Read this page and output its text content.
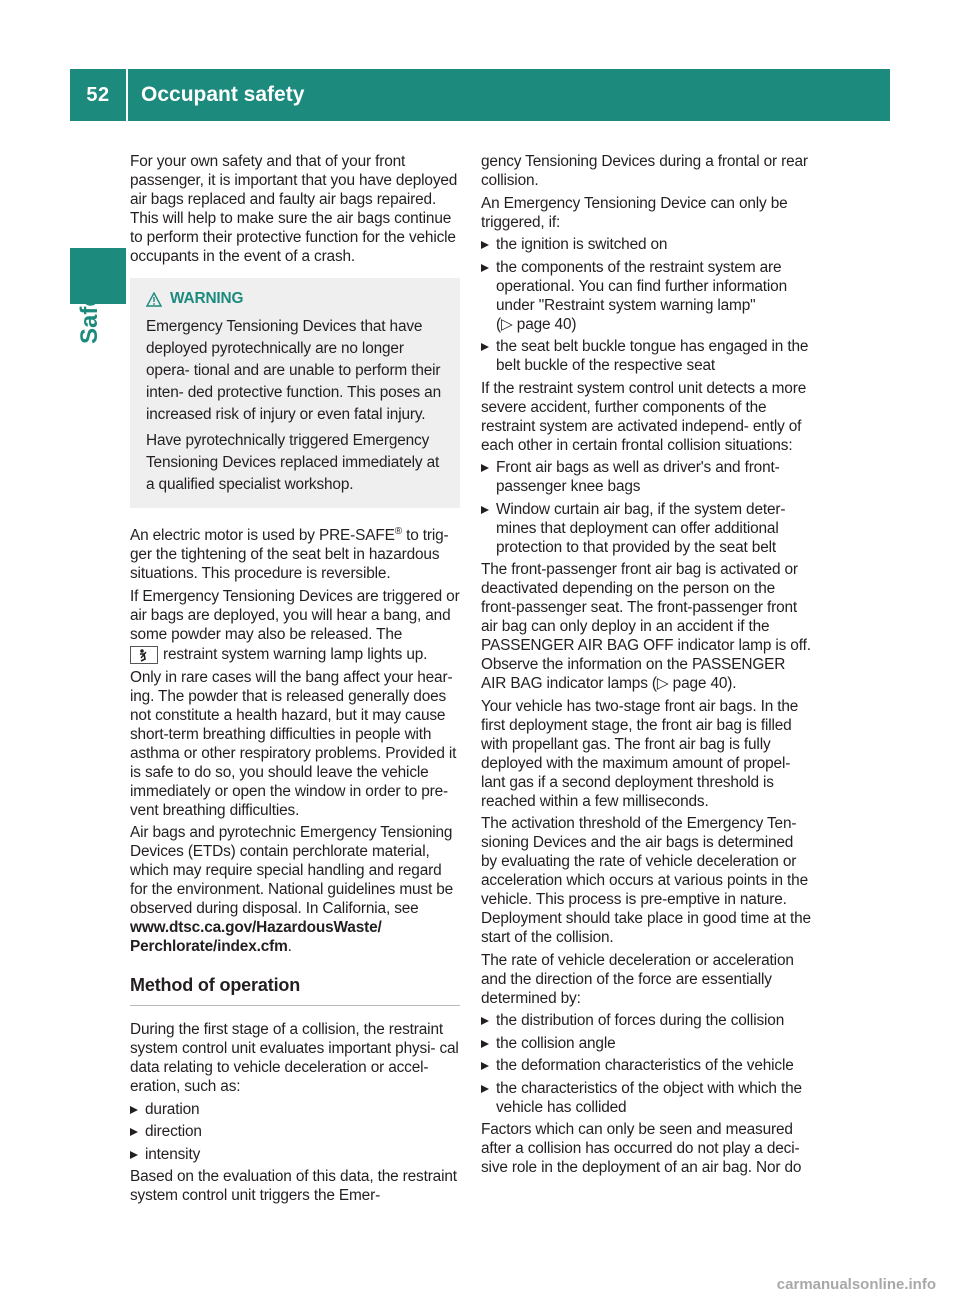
52	Occupant safety
Safety

For your own safety and that of your front passenger, it is important that you have deployed air bags replaced and faulty air bags repaired. This will help to make sure the air bags continue to perform their protective function for the vehicle occupants in the event of a crash.

WARNING

Emergency Tensioning Devices that have deployed pyrotechnically are no longer opera- tional and are unable to perform their inten- ded protective function. This poses an increased risk of injury or even fatal injury.

Have pyrotechnically triggered Emergency Tensioning Devices replaced immediately at a qualified specialist workshop.

An electric motor is used by PRE-SAFE® to trig- ger the tightening of the seat belt in hazardous situations. This procedure is reversible.

If Emergency Tensioning Devices are triggered or air bags are deployed, you will hear a bang, and some powder may also be released. The

restraint system warning lamp lights up.

Only in rare cases will the bang affect your hear- ing. The powder that is released generally does not constitute a health hazard, but it may cause short-term breathing difficulties in people with asthma or other respiratory problems. Provided it is safe to do so, you should leave the vehicle immediately or open the window in order to pre- vent breathing difficulties.

Air bags and pyrotechnic Emergency Tensioning Devices (ETDs) contain perchlorate material, which may require special handling and regard for the environment. National guidelines must be observed during disposal. In California, see www.dtsc.ca.gov/HazardousWaste/ Perchlorate/index.cfm.

Method of operation

During the first stage of a collision, the restraint system control unit evaluates important physi- cal data relating to vehicle deceleration or accel- eration, such as:

duration
direction
intensity

Based on the evaluation of this data, the restraint system control unit triggers the Emer-

gency Tensioning Devices during a frontal or rear collision.

An Emergency Tensioning Device can only be triggered, if:

the ignition is switched on
the components of the restraint system are operational. You can find further information under "Restraint system warning lamp"
(▷ page 40)
the seat belt buckle tongue has engaged in the belt buckle of the respective seat

If the restraint system control unit detects a more severe accident, further components of the restraint system are activated independ- ently of each other in certain frontal collision situations:

Front air bags as well as driver's and front- passenger knee bags
Window curtain air bag, if the system deter- mines that deployment can offer additional protection to that provided by the seat belt

The front-passenger front air bag is activated or deactivated depending on the person on the front-passenger seat. The front-passenger front air bag can only deploy in an accident if the PASSENGER AIR BAG OFF indicator lamp is off. Observe the information on the PASSENGER AIR BAG indicator lamps (▷ page 40).

Your vehicle has two-stage front air bags. In the first deployment stage, the front air bag is filled with propellant gas. The front air bag is fully deployed with the maximum amount of propel- lant gas if a second deployment threshold is reached within a few milliseconds.

The activation threshold of the Emergency Ten- sioning Devices and the air bags is determined by evaluating the rate of vehicle deceleration or acceleration which occurs at various points in the vehicle. This process is pre-emptive in nature. Deployment should take place in good time at the start of the collision.

The rate of vehicle deceleration or acceleration and the direction of the force are essentially determined by:

the distribution of forces during the collision
the collision angle
the deformation characteristics of the vehicle
the characteristics of the object with which the vehicle has collided

Factors which can only be seen and measured after a collision has occurred do not play a deci- sive role in the deployment of an air bag. Nor do

carmanualsonline.info
